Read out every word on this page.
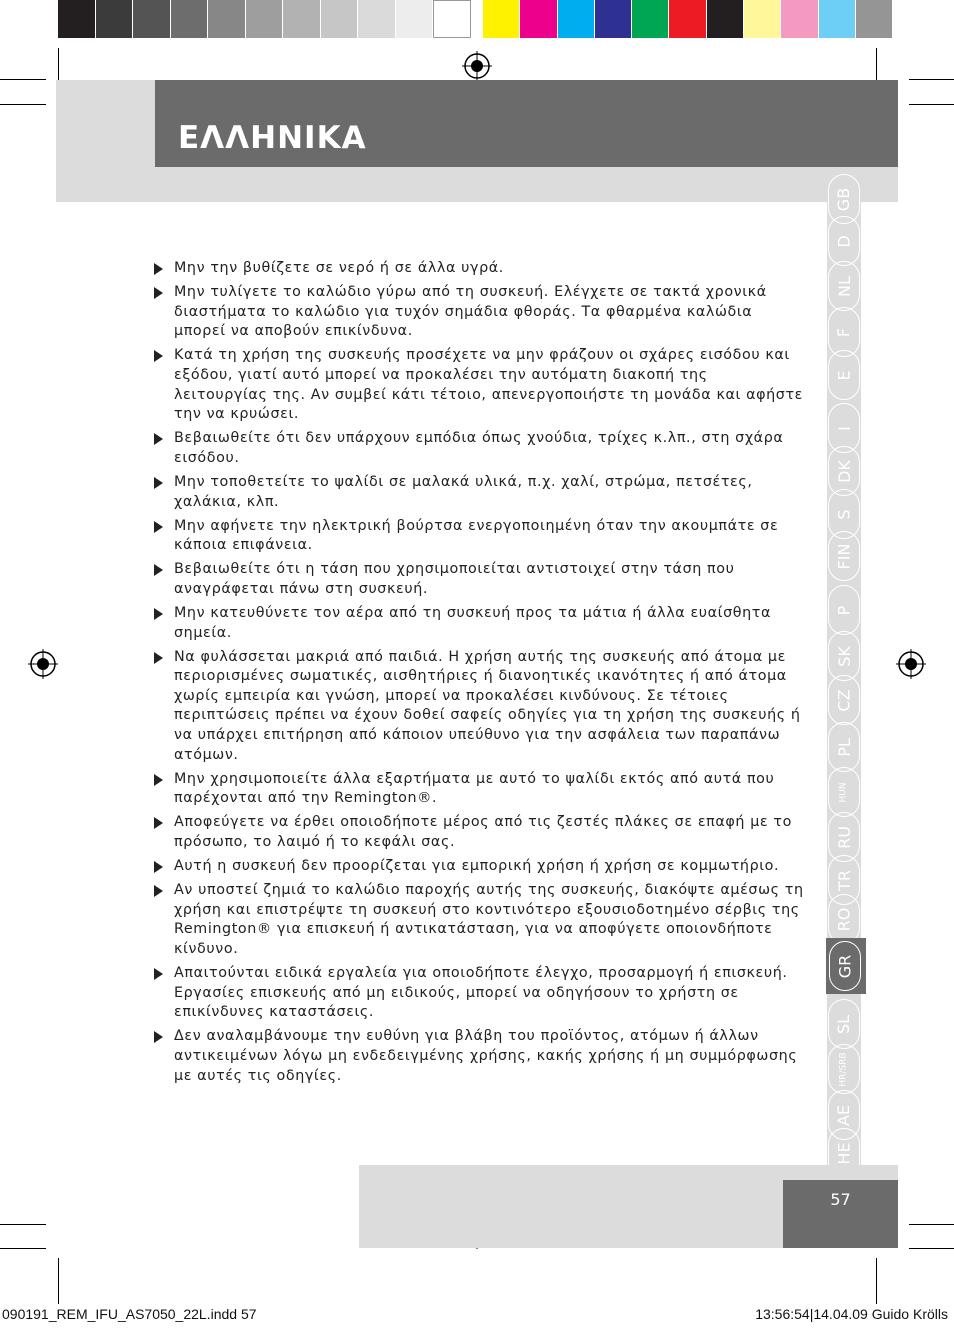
ΕΛΛΗΝΙΚΑ
GB
D
NL
F
E
I
DK
S
FIN
P
SK
CZ
PL
HUN
RU
TR
RO
GR
SL
HR/SRB
AE
HE
Μην την βυθίζετε σε νερό ή σε άλλα υγρά.
Μην τυλίγετε το καλώδιο γύρω από τη συσκευή. Ελέγχετε σε τακτά χρονικά διαστήματα το καλώδιο για τυχόν σημάδια φθοράς. Τα φθαρμένα καλώδια μπορεί να αποβούν επικίνδυνα.
Κατά τη χρήση της συσκευής προσέχετε να μην φράζουν οι σχάρες εισόδου και εξόδου, γιατί αυτό μπορεί να προκαλέσει την αυτόματη διακοπή της λειτουργίας της. Αν συμβεί κάτι τέτοιο, απενεργοποιήστε τη μονάδα και αφήστε την να κρυώσει.
Βεβαιωθείτε ότι δεν υπάρχουν εμπόδια όπως χνούδια, τρίχες κ.λπ., στη σχάρα εισόδου.
Μην τοποθετείτε το ψαλίδι σε μαλακά υλικά, π.χ. χαλί, στρώμα, πετσέτες, χαλάκια, κλπ.
Μην αφήνετε την ηλεκτρική βούρτσα ενεργοποιημένη όταν την ακουμπάτε σε κάποια επιφάνεια.
Βεβαιωθείτε ότι η τάση που χρησιμοποιείται αντιστοιχεί στην τάση που αναγράφεται πάνω στη συσκευή.
Μην κατευθύνετε τον αέρα από τη συσκευή προς τα μάτια ή άλλα ευαίσθητα σημεία.
Να φυλάσσεται μακριά από παιδιά. Η χρήση αυτής της συσκευής από άτομα με περιορισμένες σωματικές, αισθητήριες ή διανοητικές ικανότητες ή από άτομα χωρίς εμπειρία και γνώση, μπορεί να προκαλέσει κινδύνους. Σε τέτοιες περιπτώσεις πρέπει να έχουν δοθεί σαφείς οδηγίες για τη χρήση της συσκευής ή να υπάρχει επιτήρηση από κάποιον υπεύθυνο για την ασφάλεια των παραπάνω ατόμων.
Μην χρησιμοποιείτε άλλα εξαρτήματα με αυτό το ψαλίδι εκτός από αυτά που παρέχονται από την Remington®.
Αποφεύγετε να έρθει οποιοδήποτε μέρος από τις ζεστές πλάκες σε επαφή με το πρόσωπο, το λαιμό ή το κεφάλι σας.
Αυτή η συσκευή δεν προορίζεται για εμπορική χρήση ή χρήση σε κομμωτήριο.
Αν υποστεί ζημιά το καλώδιο παροχής αυτής της συσκευής, διακόψτε αμέσως τη χρήση και επιστρέψτε τη συσκευή στο κοντινότερο εξουσιοδοτημένο σέρβις της Remington® για επισκευή ή αντικατάσταση, για να αποφύγετε οποιονδήποτε κίνδυνο.
Απαιτούνται ειδικά εργαλεία για οποιοδήποτε έλεγχο, προσαρμογή ή επισκευή. Εργασίες επισκευής από μη ειδικούς, μπορεί να οδηγήσουν το χρήστη σε επικίνδυνες καταστάσεις.
Δεν αναλαμβάνουμε την ευθύνη για βλάβη του προϊόντος, ατόμων ή άλλων αντικειμένων λόγω μη ενδεδειγμένης χρήσης, κακής χρήσης ή μη συμμόρφωσης με αυτές τις οδηγίες.
57
090191_REM_IFU_AS7050_22L.indd 57	13:56:54|14.04.09 Guido Krölls
